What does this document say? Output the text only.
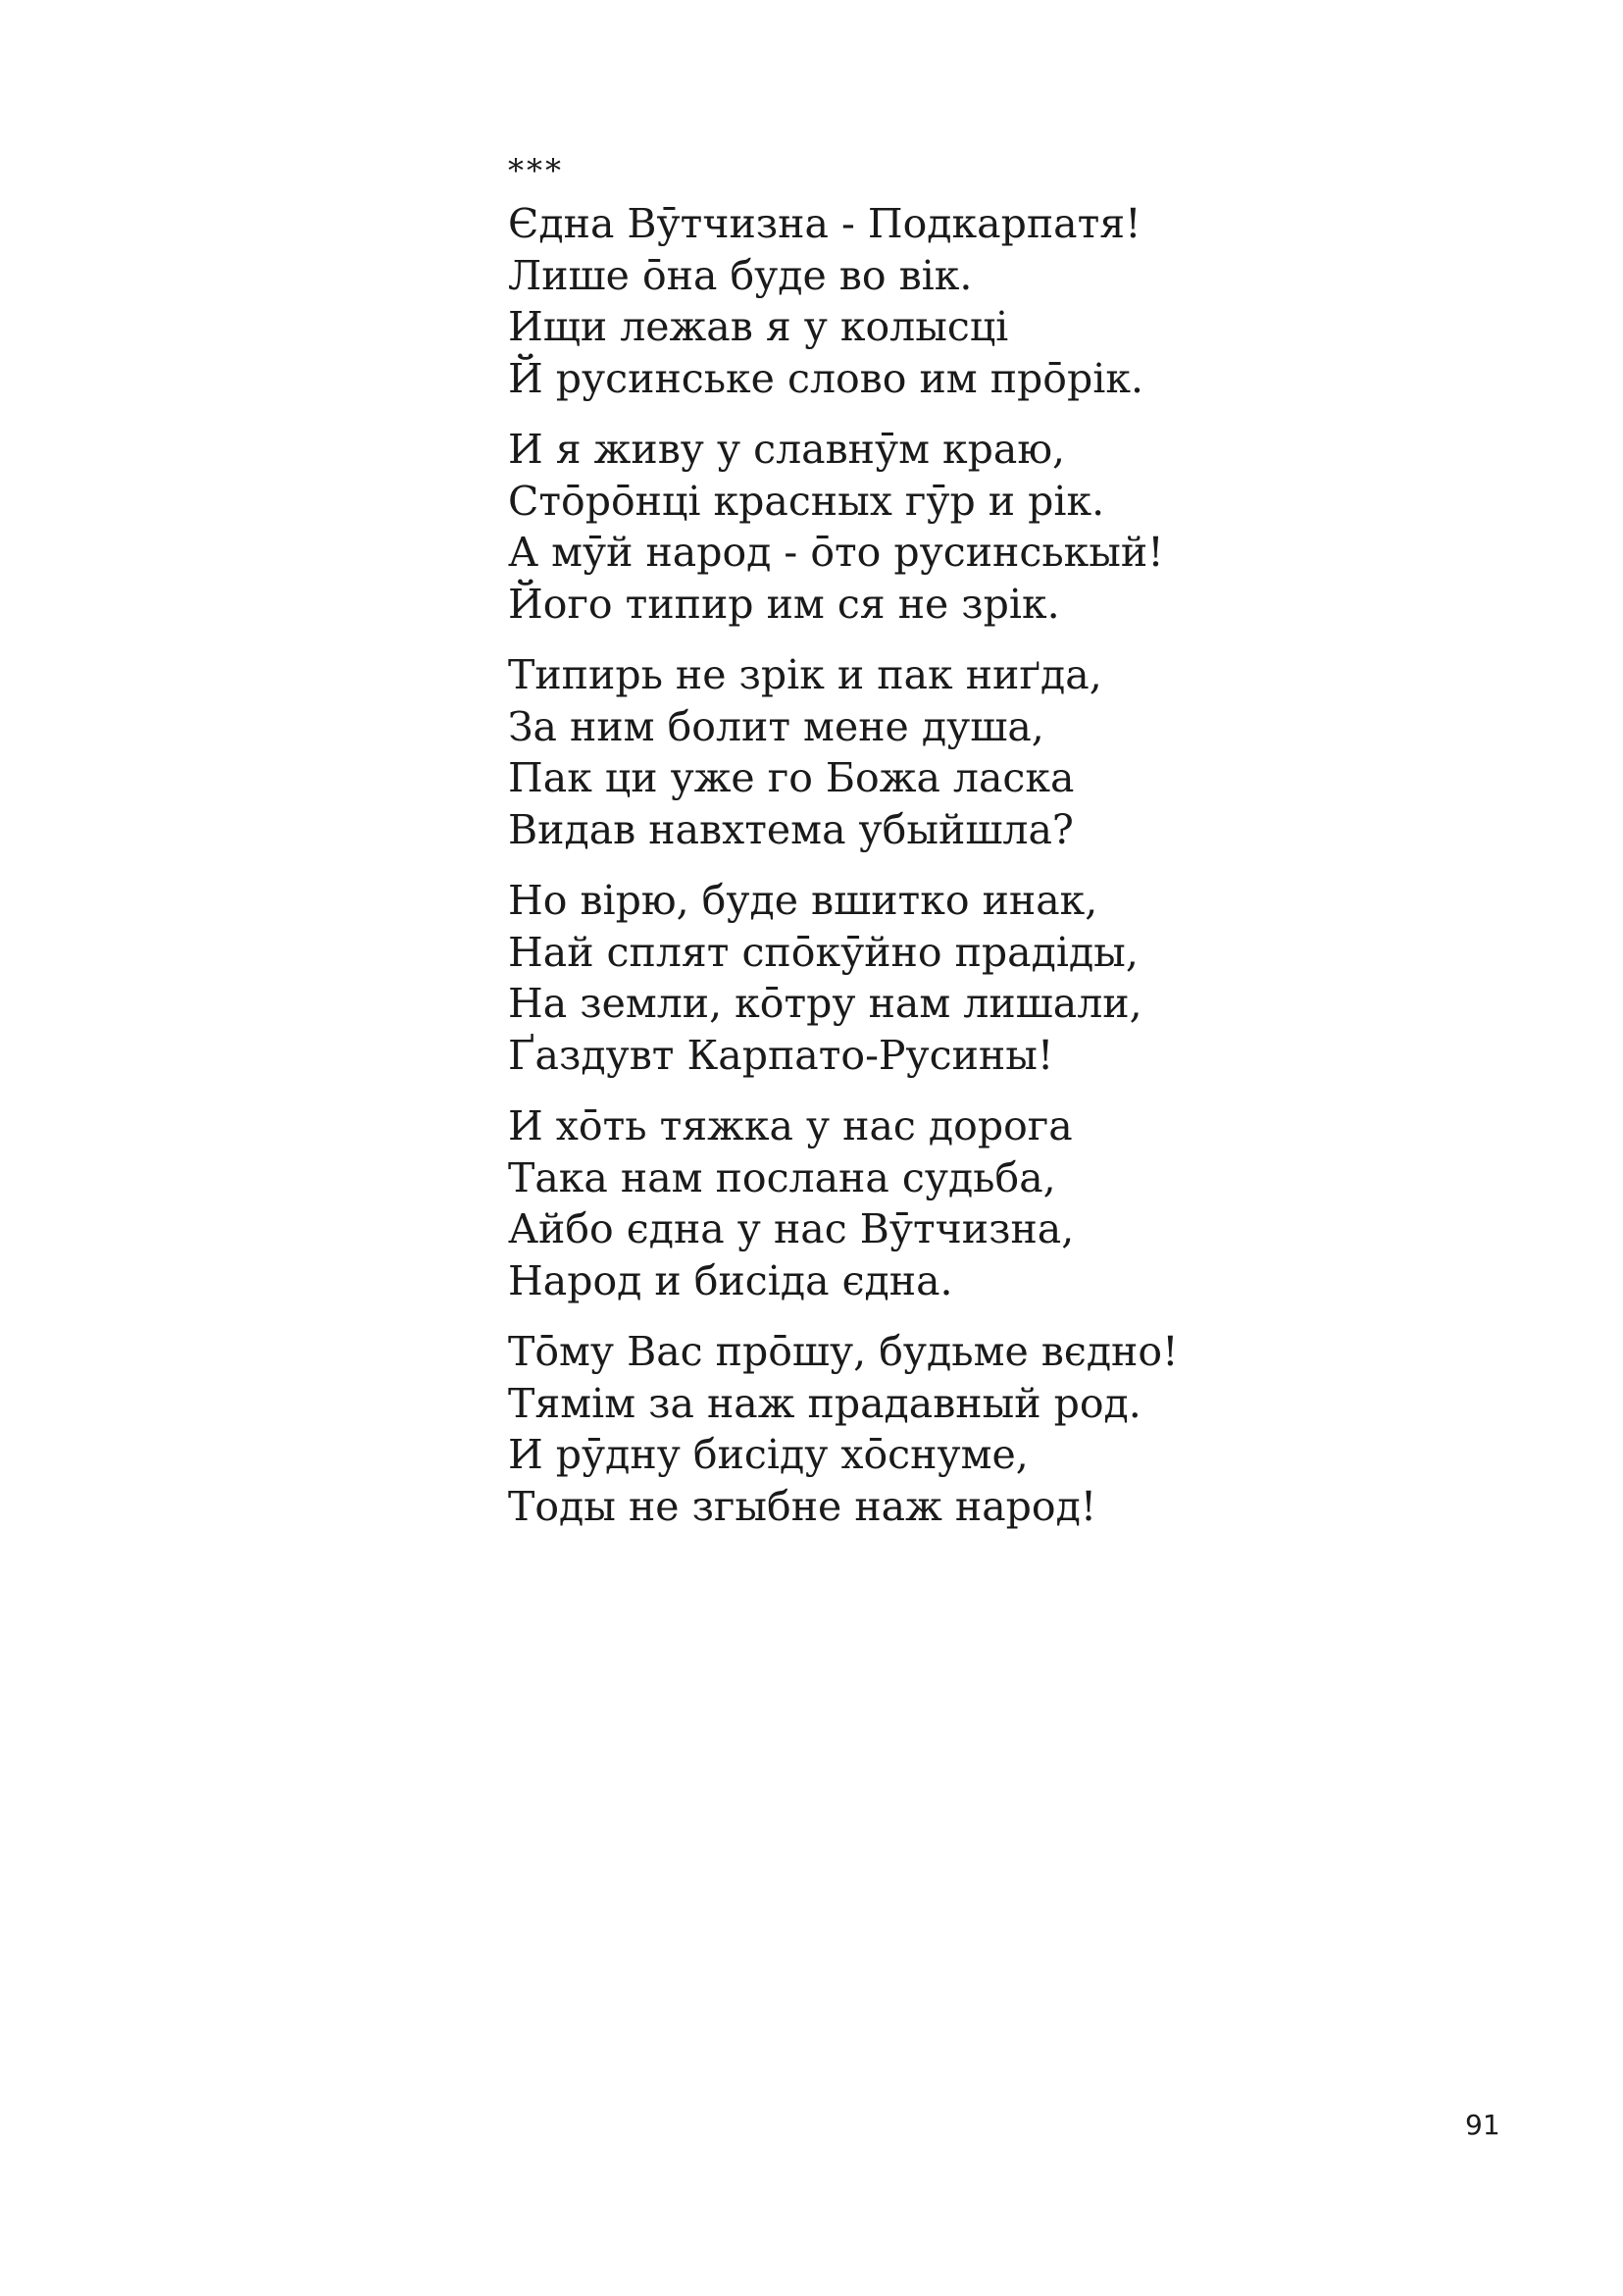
***
Єдна Вӯтчизна - Подкарпатя!
Лише о̄на буде во вік.
Ищи лежав я у колысці
Й русинське слово им про̄рік.
И я живу у славнӯм краю,
Сто̄ро̄нці красных гӯр и рік.
А мӯй народ - о̄то русинськый!
Його типир им ся не зрік.
Типирь не зрік и пак ниґда,
За ним болит мене душа,
Пак ци уже го Божа ласка
Видав навхтема убыйшла?
Но вірю, буде вшитко инак,
Най сплят спо̄кӯйно прадіды,
На земли, ко̄тру нам лишали,
Ґаздувт Карпато-Русины!
И хо̄ть тяжка у нас дорога
Така нам послана судьба,
Айбо єдна у нас Вӯтчизна,
Народ и бисіда єдна.
То̄му Вас про̄шу, будьме вєдно!
Тямім за наж прадавный род.
И рӯдну бисіду хо̄снуме,
Тоды не згыбне наж народ!
91
